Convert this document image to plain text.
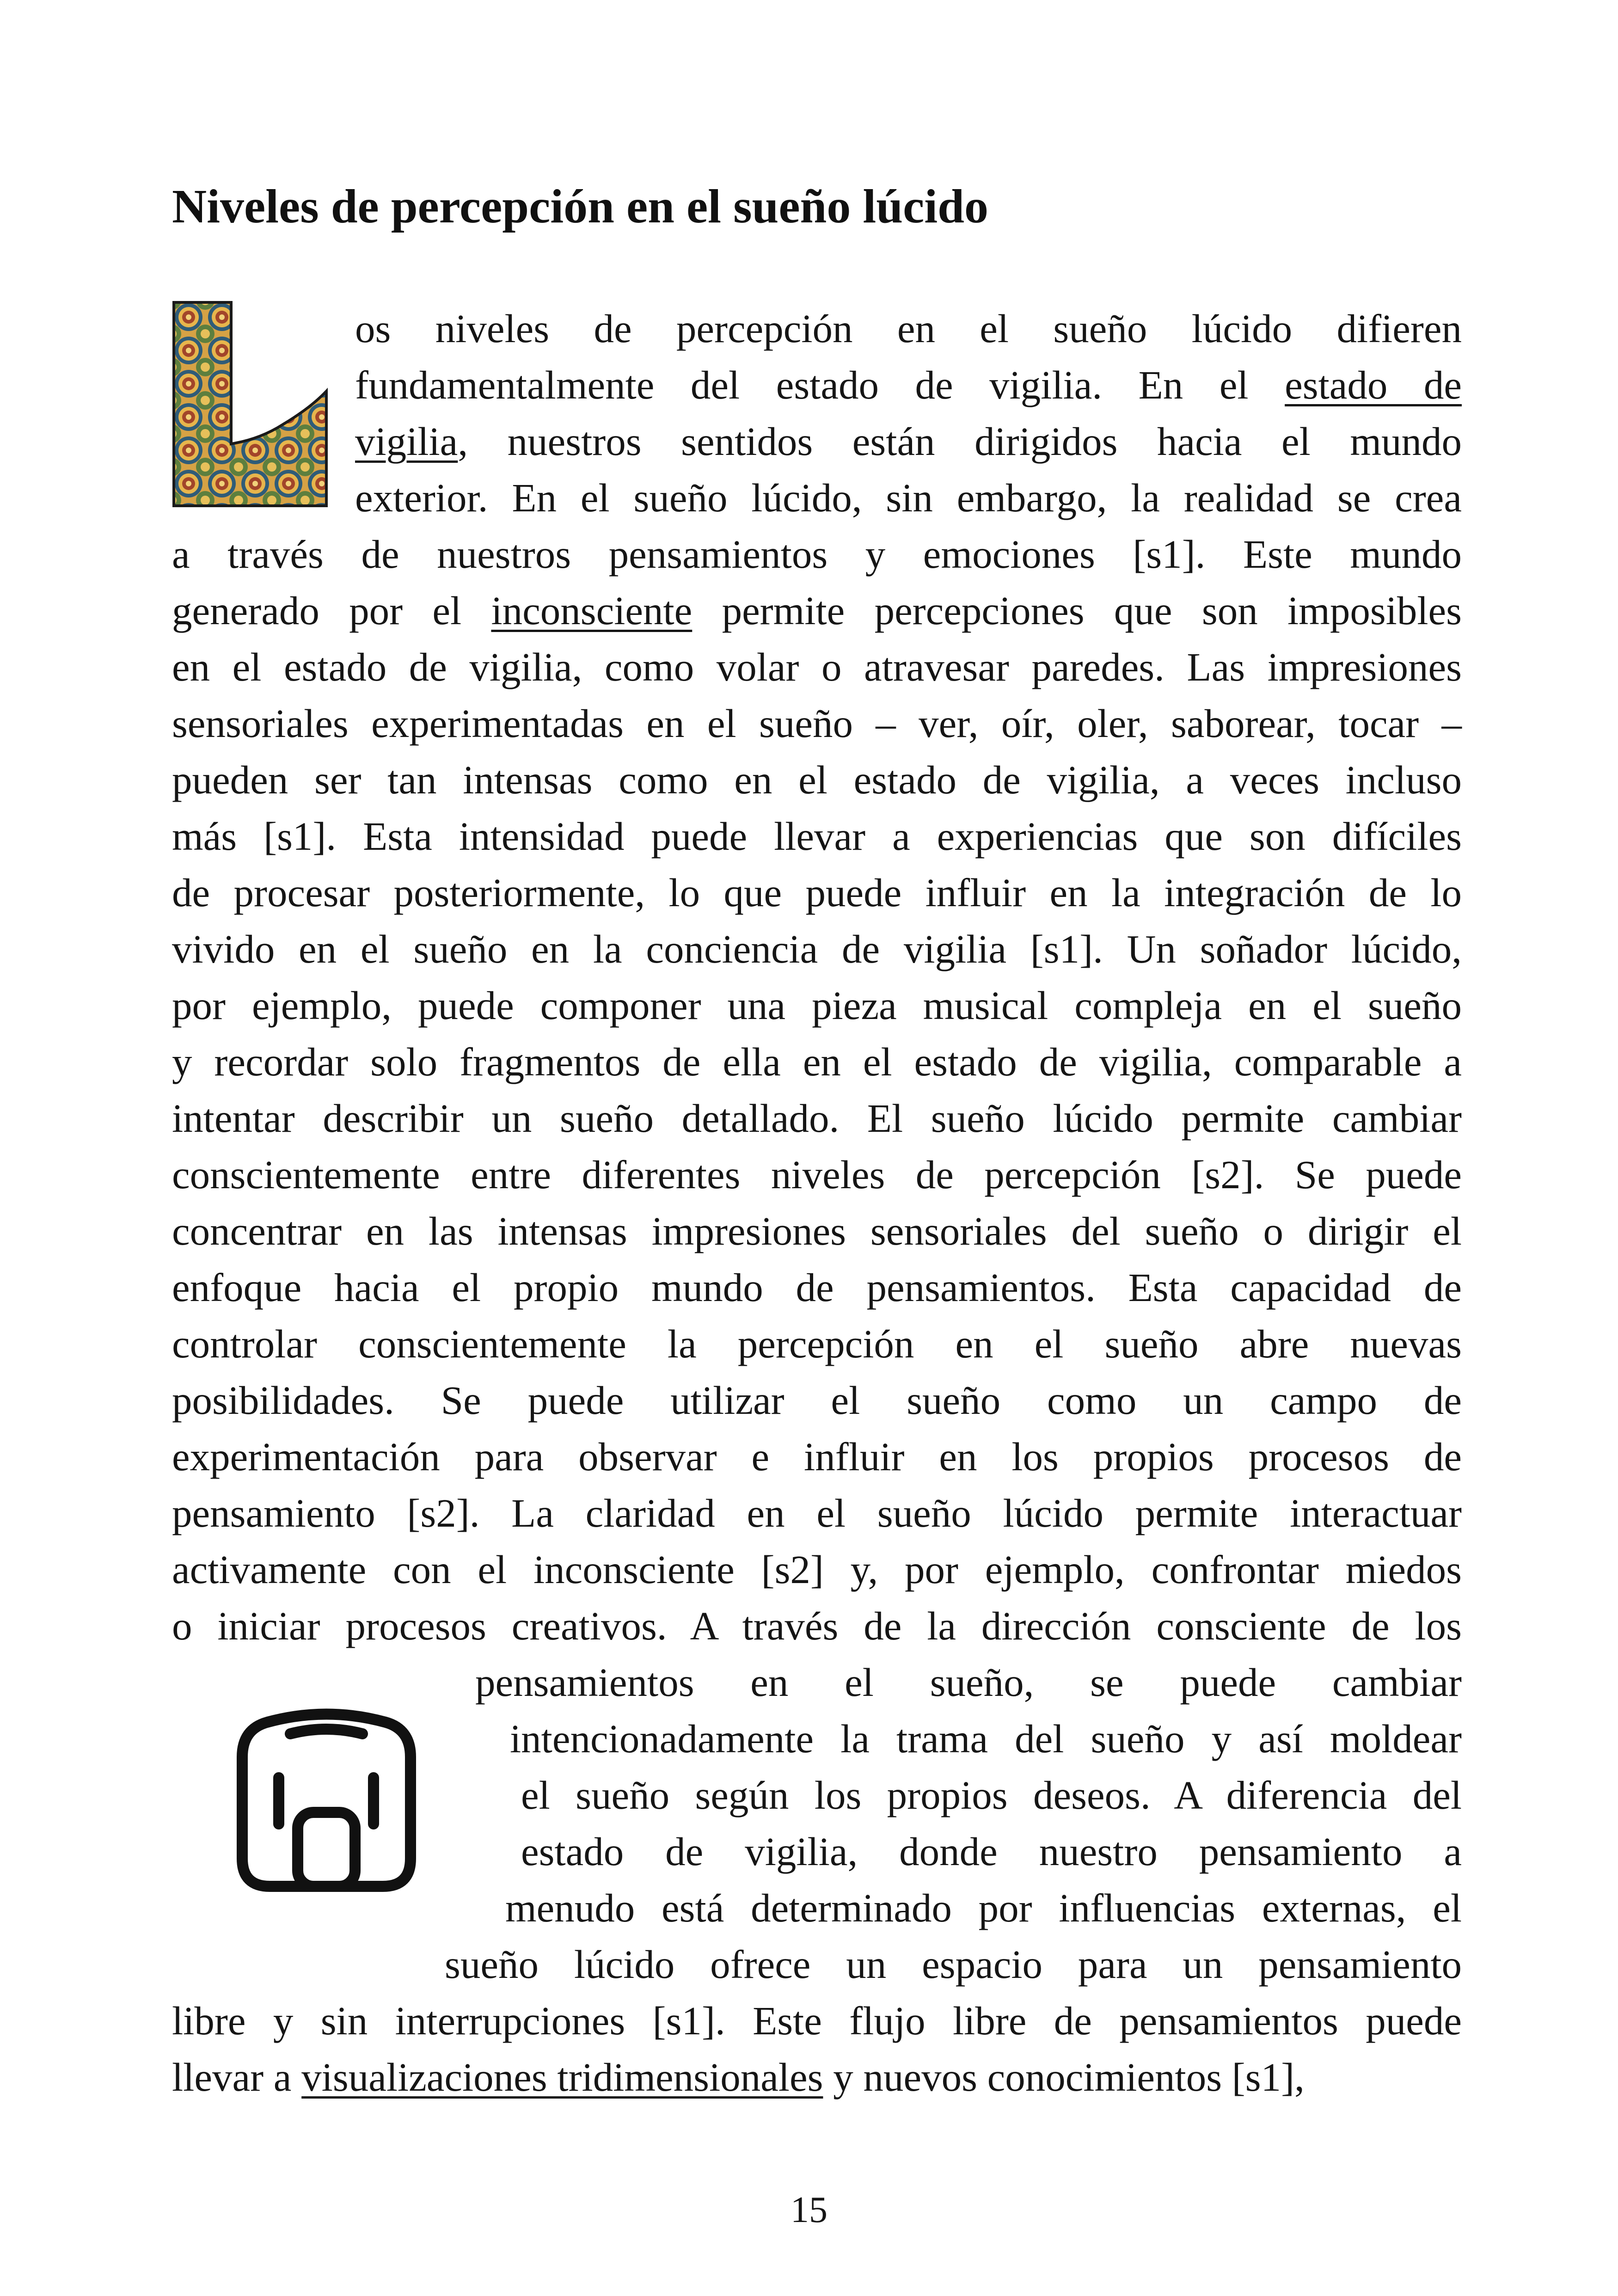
Niveles de percepción en el sueño lúcido
os niveles de percepción en el sueño lúcido difieren
fundamentalmente del estado de vigilia. En el estado de
vigilia, nuestros sentidos están dirigidos hacia el mundo
exterior. En el sueño lúcido, sin embargo, la realidad se crea
a través de nuestros pensamientos y emociones [s1]. Este mundo
generado por el inconsciente permite percepciones que son imposibles
en el estado de vigilia, como volar o atravesar paredes. Las impresiones
sensoriales experimentadas en el sueño – ver, oír, oler, saborear, tocar –
pueden ser tan intensas como en el estado de vigilia, a veces incluso
más [s1]. Esta intensidad puede llevar a experiencias que son difíciles
de procesar posteriormente, lo que puede influir en la integración de lo
vivido en el sueño en la conciencia de vigilia [s1]. Un soñador lúcido,
por ejemplo, puede componer una pieza musical compleja en el sueño
y recordar solo fragmentos de ella en el estado de vigilia, comparable a
intentar describir un sueño detallado. El sueño lúcido permite cambiar
conscientemente entre diferentes niveles de percepción [s2]. Se puede
concentrar en las intensas impresiones sensoriales del sueño o dirigir el
enfoque hacia el propio mundo de pensamientos. Esta capacidad de
controlar conscientemente la percepción en el sueño abre nuevas
posibilidades. Se puede utilizar el sueño como un campo de
experimentación para observar e influir en los propios procesos de
pensamiento [s2]. La claridad en el sueño lúcido permite interactuar
activamente con el inconsciente [s2] y, por ejemplo, confrontar miedos
o iniciar procesos creativos. A través de la dirección consciente de los
pensamientos en el sueño, se puede cambiar
intencionadamente la trama del sueño y así moldear
el sueño según los propios deseos. A diferencia del
estado de vigilia, donde nuestro pensamiento a
menudo está determinado por influencias externas, el
sueño lúcido ofrece un espacio para un pensamiento
libre y sin interrupciones [s1]. Este flujo libre de pensamientos puede
llevar a visualizaciones tridimensionales y nuevos conocimientos [s1],
15
